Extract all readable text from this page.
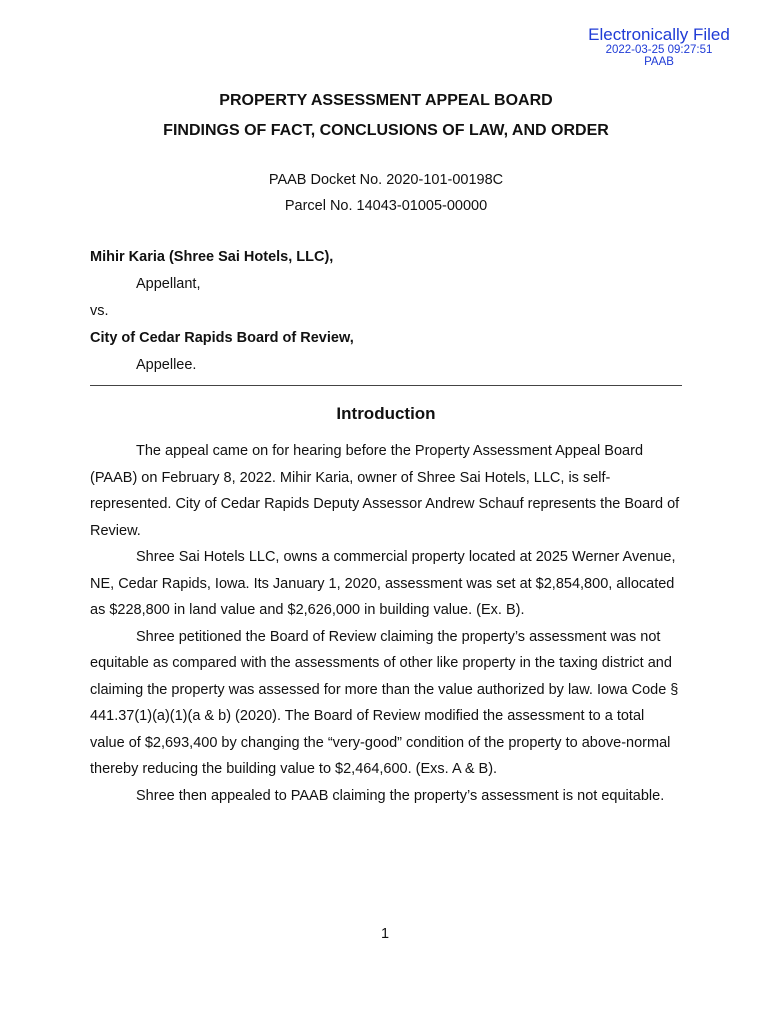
Electronically Filed
2022-03-25 09:27:51
PAAB
PROPERTY ASSESSMENT APPEAL BOARD
FINDINGS OF FACT, CONCLUSIONS OF LAW, AND ORDER
PAAB Docket No. 2020-101-00198C
Parcel No. 14043-01005-00000
Mihir Karia (Shree Sai Hotels, LLC),
Appellant,
vs.
City of Cedar Rapids Board of Review,
Appellee.
Introduction

The appeal came on for hearing before the Property Assessment Appeal Board (PAAB) on February 8, 2022. Mihir Karia, owner of Shree Sai Hotels, LLC, is self-represented. City of Cedar Rapids Deputy Assessor Andrew Schauf represents the Board of Review.

Shree Sai Hotels LLC, owns a commercial property located at 2025 Werner Avenue, NE, Cedar Rapids, Iowa. Its January 1, 2020, assessment was set at $2,854,800, allocated as $228,800 in land value and $2,626,000 in building value. (Ex. B).

Shree petitioned the Board of Review claiming the property’s assessment was not equitable as compared with the assessments of other like property in the taxing district and claiming the property was assessed for more than the value authorized by law. Iowa Code § 441.37(1)(a)(1)(a & b) (2020). The Board of Review modified the assessment to a total value of $2,693,400 by changing the “very-good” condition of the property to above-normal thereby reducing the building value to $2,464,600. (Exs. A & B).

Shree then appealed to PAAB claiming the property’s assessment is not equitable.

1
